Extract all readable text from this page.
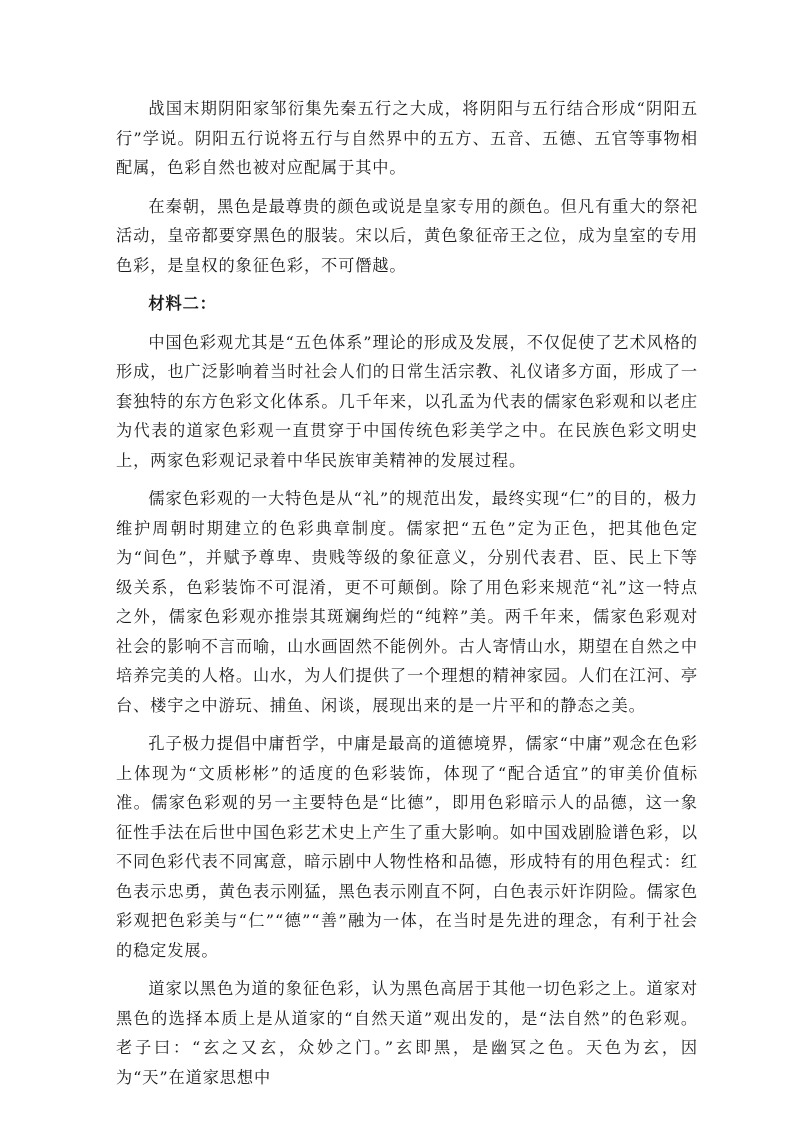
战国末期阴阳家邹衍集先秦五行之大成，将阴阳与五行结合形成“阴阳五行”学说。阴阳五行说将五行与自然界中的五方、五音、五德、五官等事物相配属，色彩自然也被对应配属于其中。

在秦朝，黑色是最尊贵的颜色或说是皇家专用的颜色。但凡有重大的祭祀活动，皇帝都要穿黑色的服装。宋以后，黄色象征帝王之位，成为皇室的专用色彩，是皇权的象征色彩，不可僭越。

材料二：

中国色彩观尤其是“五色体系”理论的形成及发展，不仅促使了艺术风格的形成，也广泛影响着当时社会人们的日常生活宗教、礼仪诸多方面，形成了一套独特的东方色彩文化体系。几千年来，以孔孟为代表的儒家色彩观和以老庄为代表的道家色彩观一直贯穿于中国传统色彩美学之中。在民族色彩文明史上，两家色彩观记录着中华民族审美精神的发展过程。

儒家色彩观的一大特色是从“礼”的规范出发，最终实现“仁”的目的，极力维护周朝时期建立的色彩典章制度。儒家把“五色”定为正色，把其他色定为“间色”，并赋予尊卑、贵贱等级的象征意义，分别代表君、臣、民上下等级关系，色彩装饰不可混淆，更不可颠倒。除了用色彩来规范“礼”这一特点之外，儒家色彩观亦推崇其斑斓绚烂的“纯粹”美。两千年来，儒家色彩观对社会的影响不言而喻，山水画固然不能例外。古人寄情山水，期望在自然之中培养完美的人格。山水，为人们提供了一个理想的精神家园。人们在江河、亭台、楼宇之中游玩、捕鱼、闲谈，展现出来的是一片平和的静态之美。

孔子极力提倡中庸哲学，中庸是最高的道德境界，儒家“中庸”观念在色彩上体现为“文质彬彬”的适度的色彩装饰，体现了“配合适宜”的审美价值标准。儒家色彩观的另一主要特色是“比德”，即用色彩暗示人的品德，这一象征性手法在后世中国色彩艺术史上产生了重大影响。如中国戏剧脸谱色彩，以不同色彩代表不同寓意，暗示剧中人物性格和品德，形成特有的用色程式：红色表示忠勇，黄色表示刚猛，黑色表示刚直不阿，白色表示奸诈阴险。儒家色彩观把色彩美与“仁”“德”“善”融为一体，在当时是先进的理念，有利于社会的稳定发展。

道家以黑色为道的象征色彩，认为黑色高居于其他一切色彩之上。道家对黑色的选择本质上是从道家的“自然天道”观出发的，是“法自然”的色彩观。老子曰：“玄之又玄，众妙之门。”玄即黑，是幽冥之色。天色为玄，因为“天”在道家思想中
